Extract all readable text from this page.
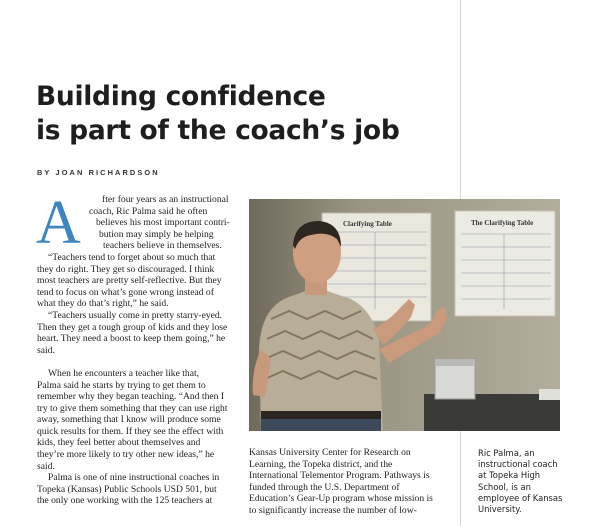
Building confidence
is part of the coach’s job
BY JOAN RICHARDSON
A	fter four years as an instructional
coach, Ric Palma said he often
believes his most important contri-
bution may simply be helping
teachers believe in themselves.
“Teachers tend to forget about so much that
they do right. They get so discouraged. I think
most teachers are pretty self-reflective. But they
tend to focus on what’s gone wrong instead of
what they do that’s right,” he said.
“Teachers usually come in pretty starry-eyed.
Then they get a tough group of kids and they lose
heart. They need a boost to keep them going,” he
said.
When he encounters a teacher like that,
Palma said he starts by trying to get them to
remember why they began teaching. “And then I
try to give them something that they can use right
away, something that I know will produce some
quick results for them. If they see the effect with
kids, they feel better about themselves and
they’re more likely to try other new ideas,” he
said.
Palma is one of nine instructional coaches in
Topeka (Kansas) Public Schools USD 501, but
the only one working with the 125 teachers at
Clarifying Table	The Clarifying Table
Kansas University Center for Research on
Learning, the Topeka district, and the
International Telementor Program. Pathways is
funded through the U.S. Department of
Education’s Gear-Up program whose mission is
to significantly increase the number of low-
Ric Palma, an
instructional coach
at Topeka High
School, is an
employee of Kansas
University.
